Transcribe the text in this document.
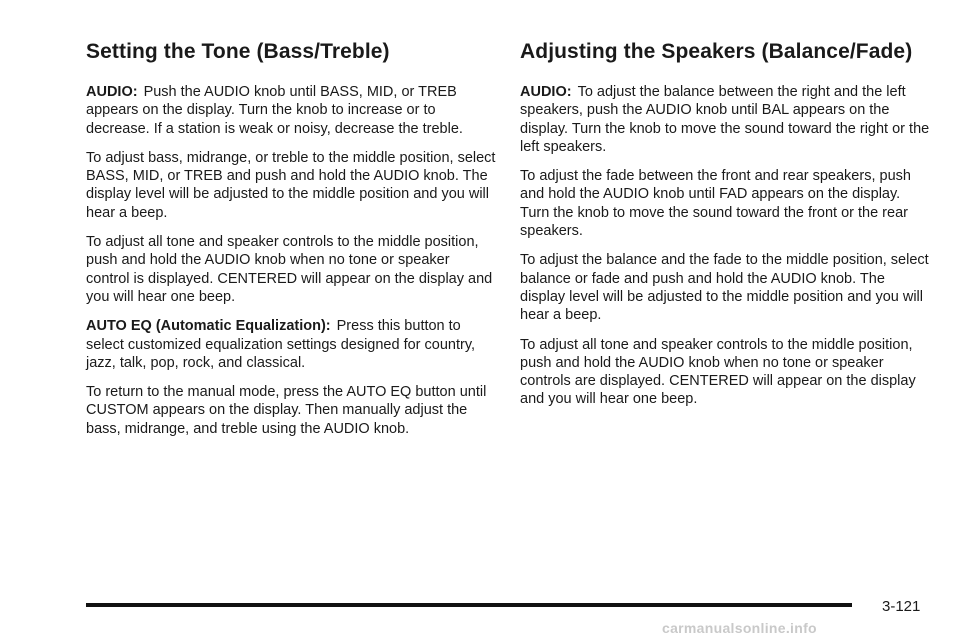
Setting the Tone (Bass/Treble)

AUDIO: Push the AUDIO knob until BASS, MID, or TREB appears on the display. Turn the knob to increase or to decrease. If a station is weak or noisy, decrease the treble.

To adjust bass, midrange, or treble to the middle position, select BASS, MID, or TREB and push and hold the AUDIO knob. The display level will be adjusted to the middle position and you will hear a beep.

To adjust all tone and speaker controls to the middle position, push and hold the AUDIO knob when no tone or speaker control is displayed. CENTERED will appear on the display and you will hear one beep.

AUTO EQ (Automatic Equalization): Press this button to select customized equalization settings designed for country, jazz, talk, pop, rock, and classical.

To return to the manual mode, press the AUTO EQ button until CUSTOM appears on the display. Then manually adjust the bass, midrange, and treble using the AUDIO knob.

Adjusting the Speakers (Balance/Fade)

AUDIO: To adjust the balance between the right and the left speakers, push the AUDIO knob until BAL appears on the display. Turn the knob to move the sound toward the right or the left speakers.

To adjust the fade between the front and rear speakers, push and hold the AUDIO knob until FAD appears on the display. Turn the knob to move the sound toward the front or the rear speakers.

To adjust the balance and the fade to the middle position, select balance or fade and push and hold the AUDIO knob. The display level will be adjusted to the middle position and you will hear a beep.

To adjust all tone and speaker controls to the middle position, push and hold the AUDIO knob when no tone or speaker controls are displayed. CENTERED will appear on the display and you will hear one beep.

3-121
carmanualsonline.info
